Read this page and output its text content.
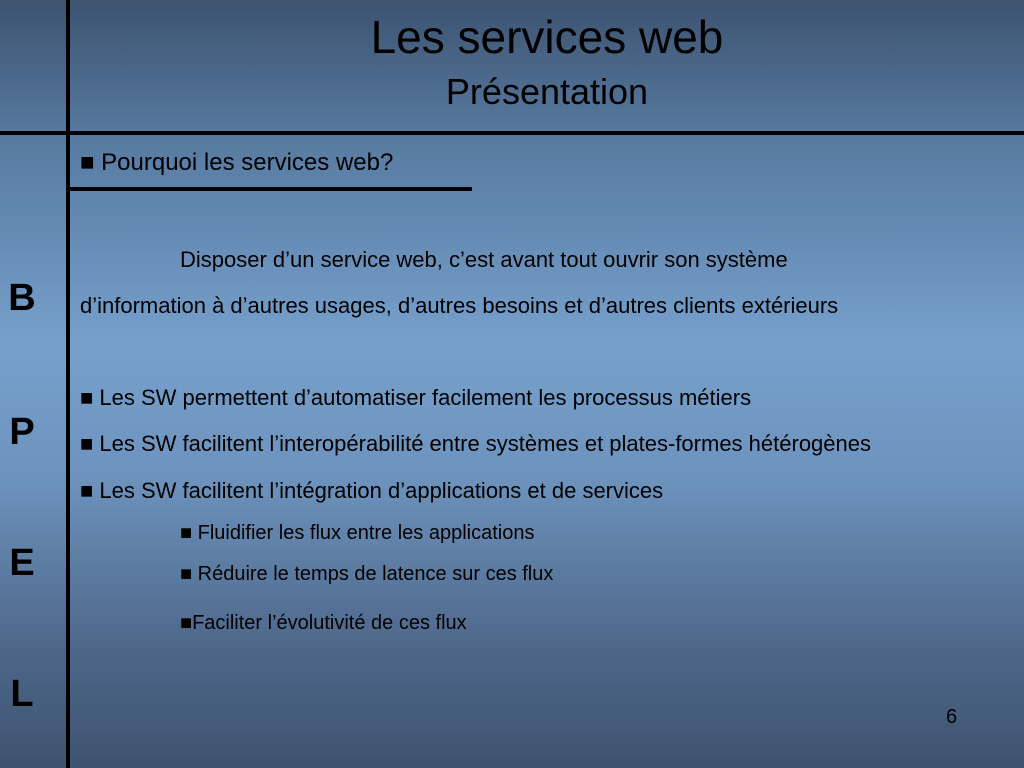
Les services web
Présentation
B
P
E
L
■ Pourquoi les services web?
Disposer d’un service web, c’est avant tout ouvrir son système
d’information à d’autres usages, d’autres besoins et d’autres clients extérieurs
■ Les SW permettent d’automatiser facilement les processus métiers
■ Les SW facilitent l’interopérabilité entre systèmes et plates-formes hétérogènes
■ Les SW facilitent l’intégration d’applications et de services
■ Fluidifier les flux entre les applications
■ Réduire le temps de latence sur ces flux
■Faciliter l’évolutivité de ces flux
6
